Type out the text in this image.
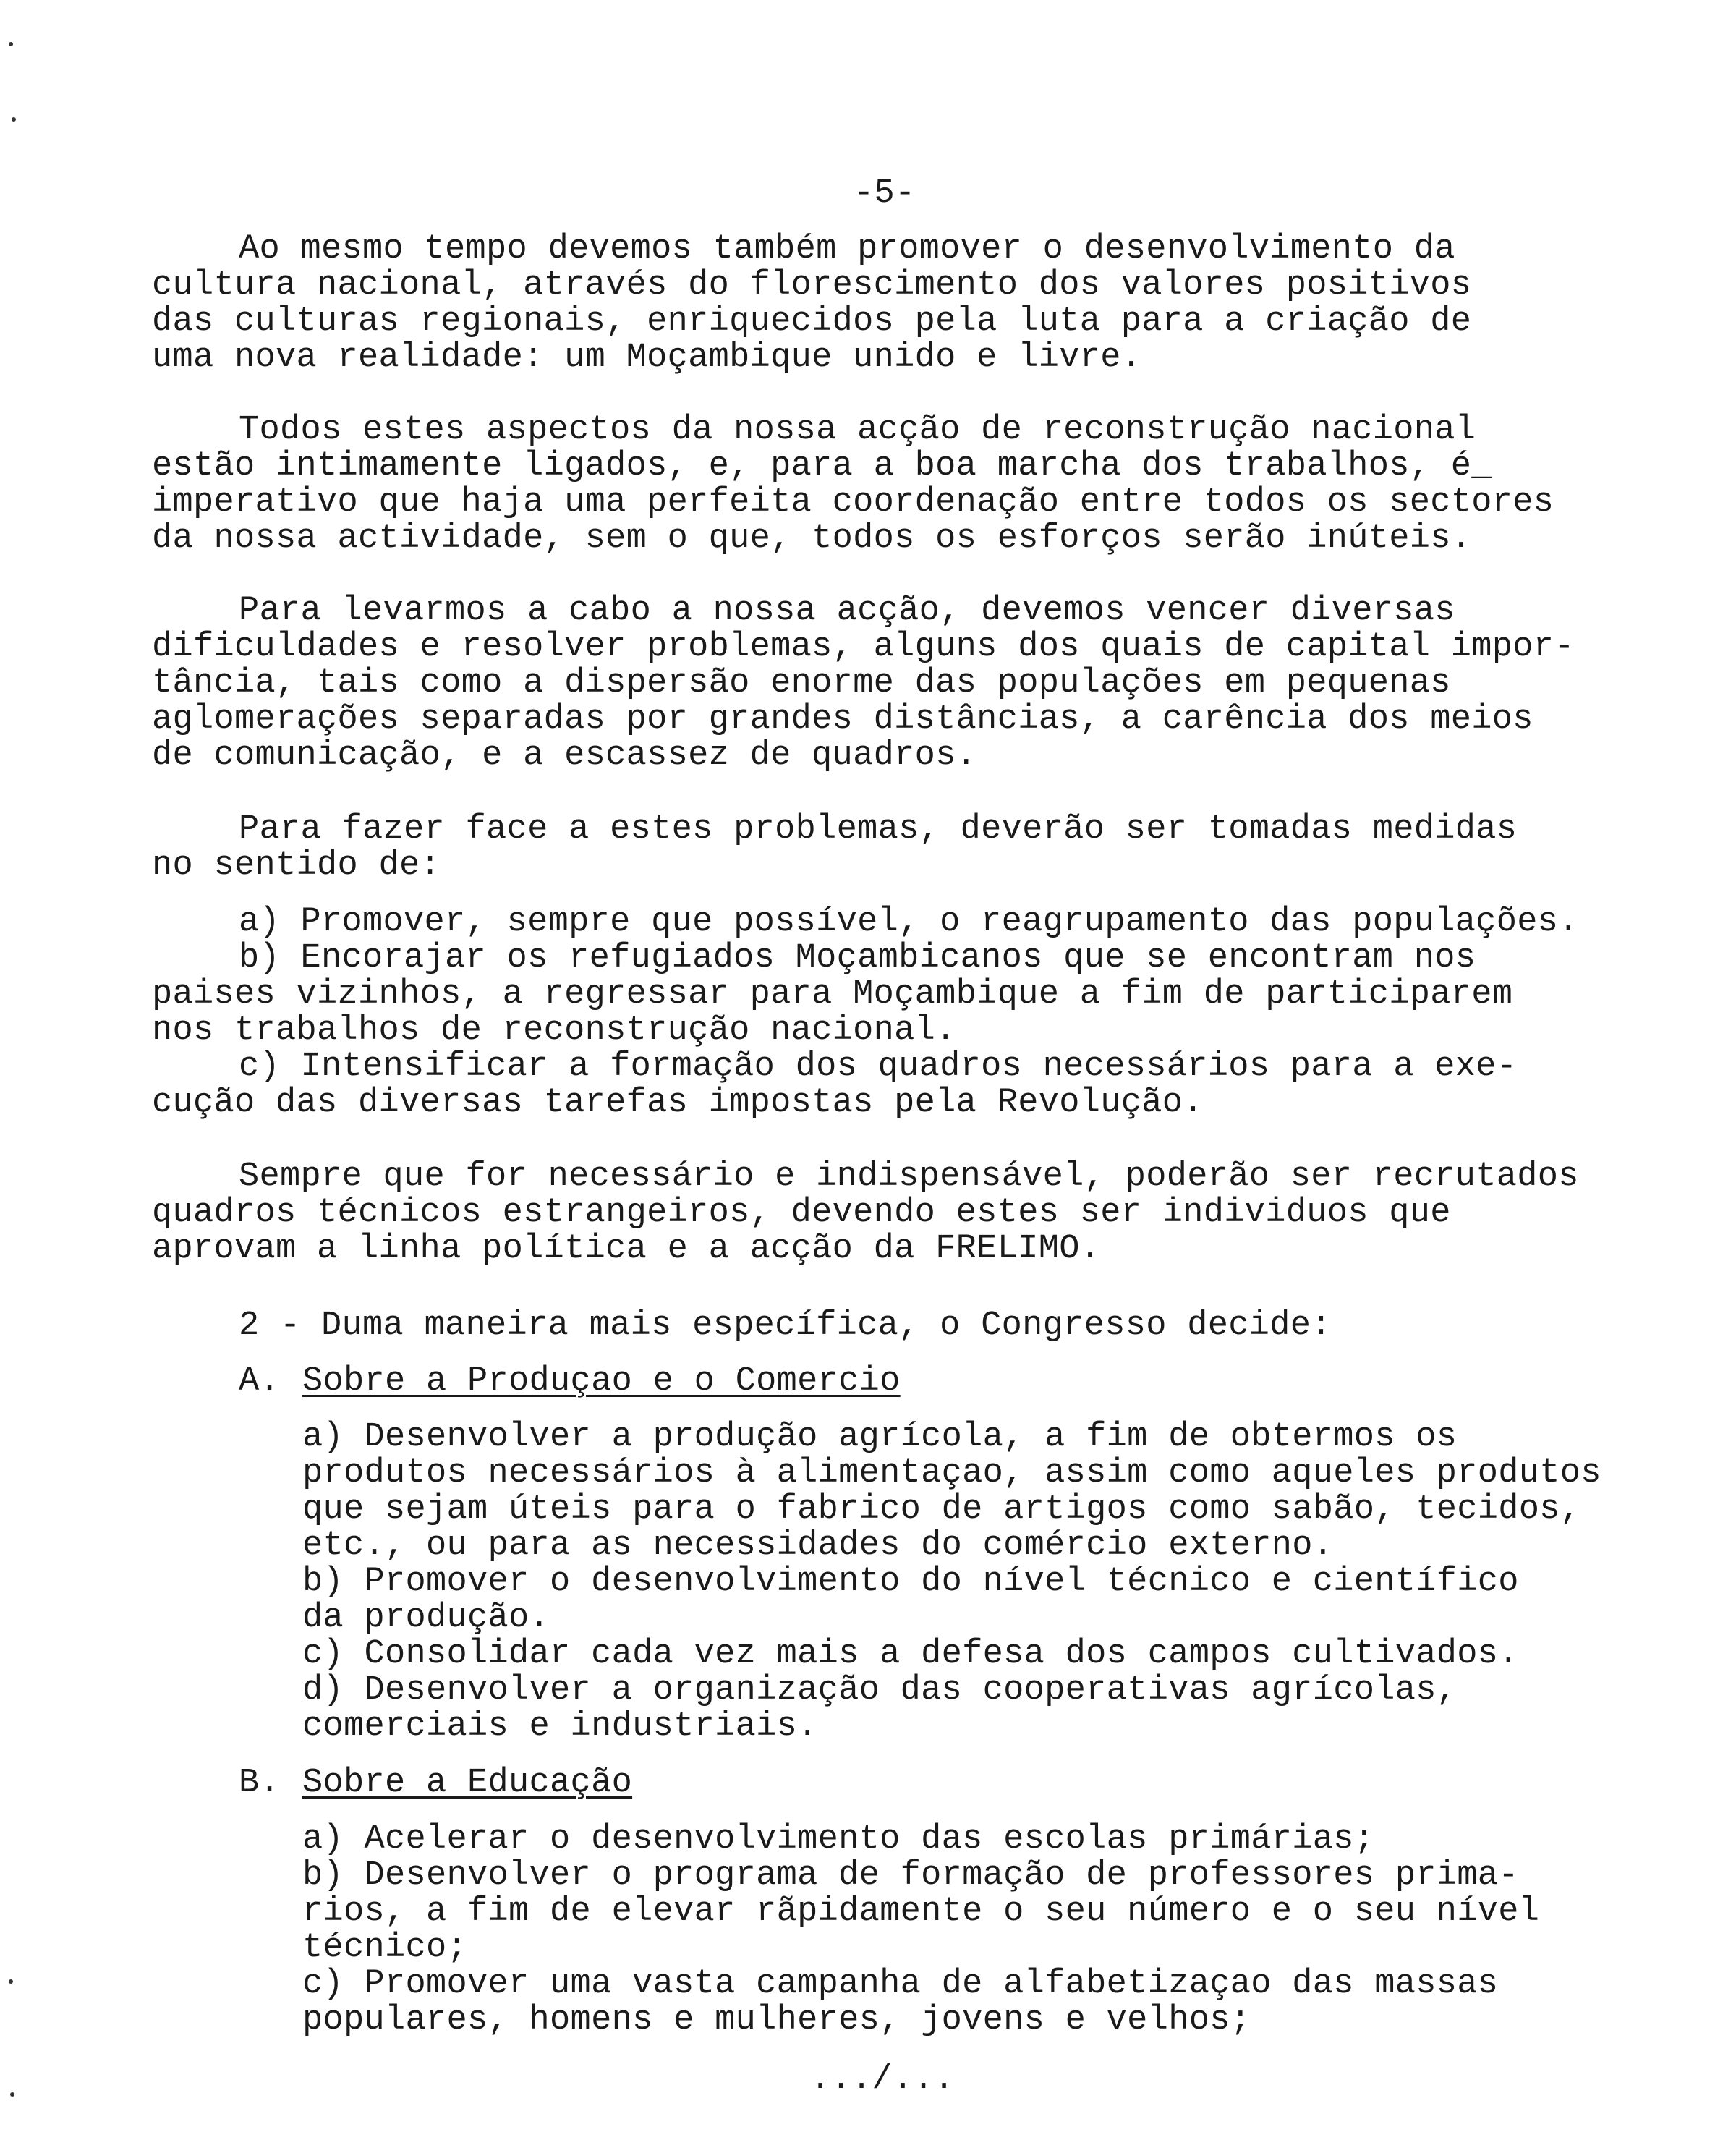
-5-
Ao mesmo tempo devemos também promover o desenvolvimento da
cultura nacional, através do florescimento dos valores positivos
das culturas regionais, enriquecidos pela luta para a criação de
uma nova realidade: um Moçambique unido e livre.
Todos estes aspectos da nossa acção de reconstrução nacional
estão intimamente ligados, e, para a boa marcha dos trabalhos, é_
imperativo que haja uma perfeita coordenação entre todos os sectores
da nossa actividade, sem o que, todos os esforços serão inúteis.
Para levarmos a cabo a nossa acção, devemos vencer diversas
dificuldades e resolver problemas, alguns dos quais de capital impor-
tância, tais como a dispersão enorme das populações em pequenas
aglomerações separadas por grandes distâncias, a carência dos meios
de comunicação, e a escassez de quadros.
Para fazer face a estes problemas, deverão ser tomadas medidas
no sentido de:
a) Promover, sempre que possível, o reagrupamento das populações.
b) Encorajar os refugiados Moçambicanos que se encontram nos
paises vizinhos, a regressar para Moçambique a fim de participarem
nos trabalhos de reconstrução nacional.
c) Intensificar a formação dos quadros necessários para a exe-
cução das diversas tarefas impostas pela Revolução.
Sempre que for necessário e indispensável, poderão ser recrutados
quadros técnicos estrangeiros, devendo estes ser individuos que
aprovam a linha política e a acção da FRELIMO.
2 - Duma maneira mais específica, o Congresso decide:
A. Sobre a Produçao e o Comercio
a) Desenvolver a produção agrícola, a fim de obtermos os
produtos necessários à alimentaçao, assim como aqueles produtos
que sejam úteis para o fabrico de artigos como sabão, tecidos,
etc., ou para as necessidades do comércio externo.
b) Promover o desenvolvimento do nível técnico e científico
da produção.
c) Consolidar cada vez mais a defesa dos campos cultivados.
d) Desenvolver a organização das cooperativas agrícolas,
comerciais e industriais.
B. Sobre a Educação
a) Acelerar o desenvolvimento das escolas primárias;
b) Desenvolver o programa de formação de professores prima-
rios, a fim de elevar rãpidamente o seu número e o seu nível
técnico;
c) Promover uma vasta campanha de alfabetizaçao das massas
populares, homens e mulheres, jovens e velhos;
.../...
